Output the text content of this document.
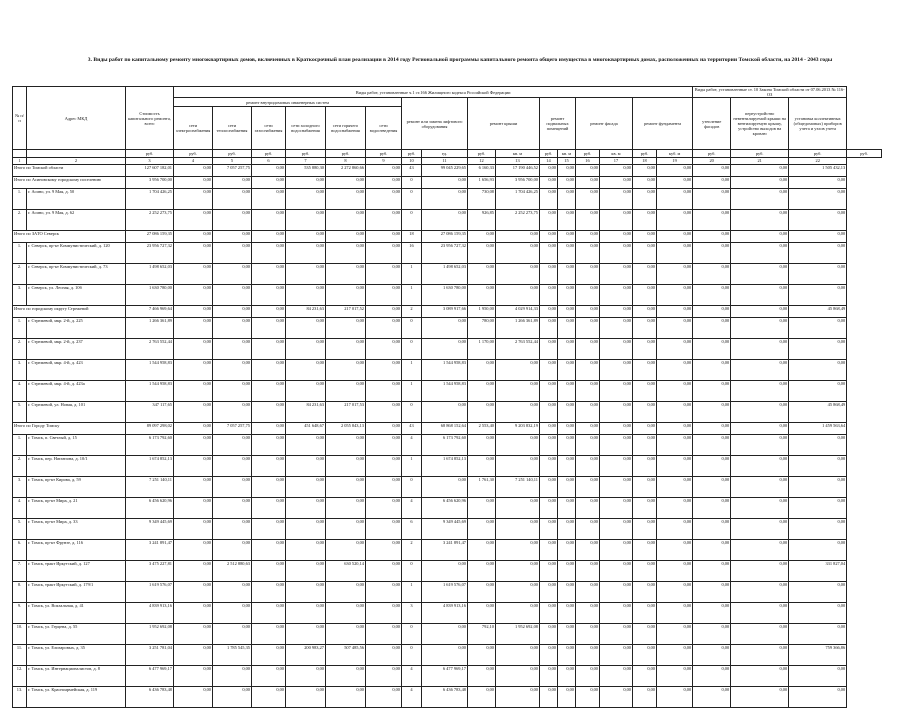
3. Виды работ по капитальному ремонту многоквартирных домов, включенных в Краткосрочный план реализации в 2014 году Региональной программы капитального ремонта общего имущества в многоквартирных домах, расположенных на территории Томской области, на 2014 - 2043 годы
№ п/п	Адрес МКД	Стоимость капитального ремонта, всего	Виды работ, установленные ч.1 ст.166 Жилищного кодекса Российской Федерации																Виды работ, установленные ст. 10 Закона Томской области от 07.06.2013 № 116-ОЗ			
			ремонт внутридомовых инженерных систем						ремонт или замена лифтового оборудования		ремонт крыши		ремонт подвальных помещений		ремонт фасада		ремонт фундамента		утепление фасадов	переустройство невентилируемой крыши на вентилируемую крышу, устройство выходов на кровлю	установка коллективных (общедомовых) приборов учета и узлов учета	
			сети электроснабжения	сети теплоснабжения	сети газоснабжения	сети холодного водоснабжения	сети горячего водоснабжения	сети водоотведения														
		руб.	руб.	руб.	руб.	руб.	руб.	руб.	руб.	ед.	руб.	кв. м	руб.	кв. м	руб.	кв. м	руб.	куб. м	руб.	руб.	руб.	руб.
1	2	3	4	5	6	7	8	9	10	11	12	13	14	15	16	17	18	19	20	21	22	
Итого по Томской области		127 607 182,01	0,00	7 057 257,75	0,00	535 880,30	2 272 860,66	0,00	43	99 045 229,65	6 160,33	17 190 446,52	0,00	0,00	0,00	0,00	0,00	0,00	0,00	0,00	1 505 432,13	
Итого по Асиновскому городскому поселению		3 956 700,00	0,00	0,00	0,00	0,00	0,00	0,00	0	0,00	1 656,93	3 956 700,00	0,00	0,00	0,00	0,00	0,00	0,00	0,00	0,00	0,00	
1.	г. Асино, ул. 9 Мая, д. 50	1 704 426,25	0,00	0,00	0,00	0,00	0,00	0,00	0	0,00	730,08	1 704 426,25	0,00	0,00	0,00	0,00	0,00	0,00	0,00	0,00	0,00	
2.	г. Асино, ул. 9 Мая, д. 62	2 252 273,75	0,00	0,00	0,00	0,00	0,00	0,00	0	0,00	926,85	2 252 273,75	0,00	0,00	0,00	0,00	0,00	0,00	0,00	0,00	0,00	
Итого по ЗАТО Северск		27 086 159,35	0,00	0,00	0,00	0,00	0,00	0,00	18	27 086 159,35	0,00	0,00	0,00	0,00	0,00	0,00	0,00	0,00	0,00	0,00	0,00	
1.	г. Северск, пр-кт Коммунистический, д. 120	23 956 727,32	0,00	0,00	0,00	0,00	0,00	0,00	16	23 956 727,32	0,00	0,00	0,00	0,00	0,00	0,00	0,00	0,00	0,00	0,00	0,00	
2.	г. Северск, пр-кт Коммунистический, д. 73	1 498 652,03	0,00	0,00	0,00	0,00	0,00	0,00	1	1 498 652,03	0,00	0,00	0,00	0,00	0,00	0,00	0,00	0,00	0,00	0,00	0,00	
3.	г. Северск, ул. Лесная, д. 10б	1 630 780,00	0,00	0,00	0,00	0,00	0,00	0,00	1	1 630 780,00	0,00	0,00	0,00	0,00	0,00	0,00	0,00	0,00	0,00	0,00	0,00	
Итого по городскому округу Стрежевой		7 466 969,64	0,00	0,00	0,00	84 231,63	217 017,52	0,00	2	3 089 917,66	1 950,00	4 029 914,33	0,00	0,00	0,00	0,00	0,00	0,00	0,00	0,00	45 868,49	
1.	г. Стрежевой, мкр. 2-й, д. 225	1 266 361,89	0,00	0,00	0,00	0,00	0,00	0,00	0	0,00	780,00	1 266 361,89	0,00	0,00	0,00	0,00	0,00	0,00	0,00	0,00	0,00	
2.	г. Стрежевой, мкр. 2-й, д. 237	2 763 552,44	0,00	0,00	0,00	0,00	0,00	0,00	0	0,00	1 170,00	2 763 552,44	0,00	0,00	0,00	0,00	0,00	0,00	0,00	0,00	0,00	
3.	г. Стрежевой, мкр. 4-й, д. 423	1 544 958,83	0,00	0,00	0,00	0,00	0,00	0,00	1	1 544 958,83	0,00	0,00	0,00	0,00	0,00	0,00	0,00	0,00	0,00	0,00	0,00	
4.	г. Стрежевой, мкр. 4-й, д. 423а	1 544 958,83	0,00	0,00	0,00	0,00	0,00	0,00	1	1 544 958,83	0,00	0,00	0,00	0,00	0,00	0,00	0,00	0,00	0,00	0,00	0,00	
5.	г. Стрежевой, ул. Новая, д. 101	347 117,65	0,00	0,00	0,00	84 231,63	217 017,53	0,00	0	0,00	0,00	0,00	0,00	0,00	0,00	0,00	0,00	0,00	0,00	0,00	45 868,49	
Итого по Городу Томску		89 097 298,02	0,00	7 057 257,75	0,00	451 648,67	2 055 843,13	0,00	43	68 868 152,64	2 553,40	9 203 832,19	0,00	0,00	0,00	0,00	0,00	0,00	0,00	0,00	1 459 563,64	
1.	г. Томск, п. Светлый, д. 15	6 173 792,60	0,00	0,00	0,00	0,00	0,00	0,00	4	6 173 792,60	0,00	0,00	0,00	0,00	0,00	0,00	0,00	0,00	0,00	0,00	0,00	
2.	г. Томск, пер. Натанзона, д. 10/1	1 674 852,13	0,00	0,00	0,00	0,00	0,00	0,00	1	1 674 852,13	0,00	0,00	0,00	0,00	0,00	0,00	0,00	0,00	0,00	0,00	0,00	
3.	г. Томск, пр-кт Кирова, д. 59	7 251 140,11	0,00	0,00	0,00	0,00	0,00	0,00	0	0,00	1 761,30	7 251 140,11	0,00	0,00	0,00	0,00	0,00	0,00	0,00	0,00	0,00	
4.	г. Томск, пр-кт Мира, д. 21	6 456 620,96	0,00	0,00	0,00	0,00	0,00	0,00	4	6 456 620,96	0,00	0,00	0,00	0,00	0,00	0,00	0,00	0,00	0,00	0,00	0,00	
5.	г. Томск, пр-кт Мира, д. 33	9 349 445,69	0,00	0,00	0,00	0,00	0,00	0,00	6	9 349 445,69	0,00	0,00	0,00	0,00	0,00	0,00	0,00	0,00	0,00	0,00	0,00	
6.	г. Томск, пр-кт Фрунзе, д. 116	3 241 891,47	0,00	0,00	0,00	0,00	0,00	0,00	2	3 241 891,47	0,00	0,00	0,00	0,00	0,00	0,00	0,00	0,00	0,00	0,00	0,00	
7.	г. Томск, тракт Иркутский, д. 127	3 475 227,81	0,00	2 512 880,63	0,00	0,00	630 520,14	0,00	0	0,00	0,00	0,00	0,00	0,00	0,00	0,00	0,00	0,00	0,00	0,00	331 827,04	
8.	г. Томск, тракт Иркутский, д. 179/1	1 619 576,07	0,00	0,00	0,00	0,00	0,00	0,00	1	1 619 576,07	0,00	0,00	0,00	0,00	0,00	0,00	0,00	0,00	0,00	0,00	0,00	
9.	г. Томск, ул. Вокзальная, д. 41	4 839 913,16	0,00	0,00	0,00	0,00	0,00	0,00	3	4 839 913,16	0,00	0,00	0,00	0,00	0,00	0,00	0,00	0,00	0,00	0,00	0,00	
10.	г. Томск, ул. Герцена, д. 55	1 952 692,08	0,00	0,00	0,00	0,00	0,00	0,00	0	0,00	792,10	1 952 692,08	0,00	0,00	0,00	0,00	0,00	0,00	0,00	0,00	0,00	
11.	г. Томск, ул. Елизаровых, д. 35	3 251 781,04	0,00	1 785 545,35	0,00	200 983,27	507 485,56	0,00	0	0,00	0,00	0,00	0,00	0,00	0,00	0,00	0,00	0,00	0,00	0,00	759 366,86	
12.	г. Томск, ул. Интернационалистов, д. 8	6 477 969,17	0,00	0,00	0,00	0,00	0,00	0,00	4	6 477 969,17	0,00	0,00	0,00	0,00	0,00	0,00	0,00	0,00	0,00	0,00	0,00	
13.	г. Томск, ул. Красноармейская, д. 119	6 436 783,48	0,00	0,00	0,00	0,00	0,00	0,00	4	6 436 783,48	0,00	0,00	0,00	0,00	0,00	0,00	0,00	0,00	0,00	0,00	0,00	
